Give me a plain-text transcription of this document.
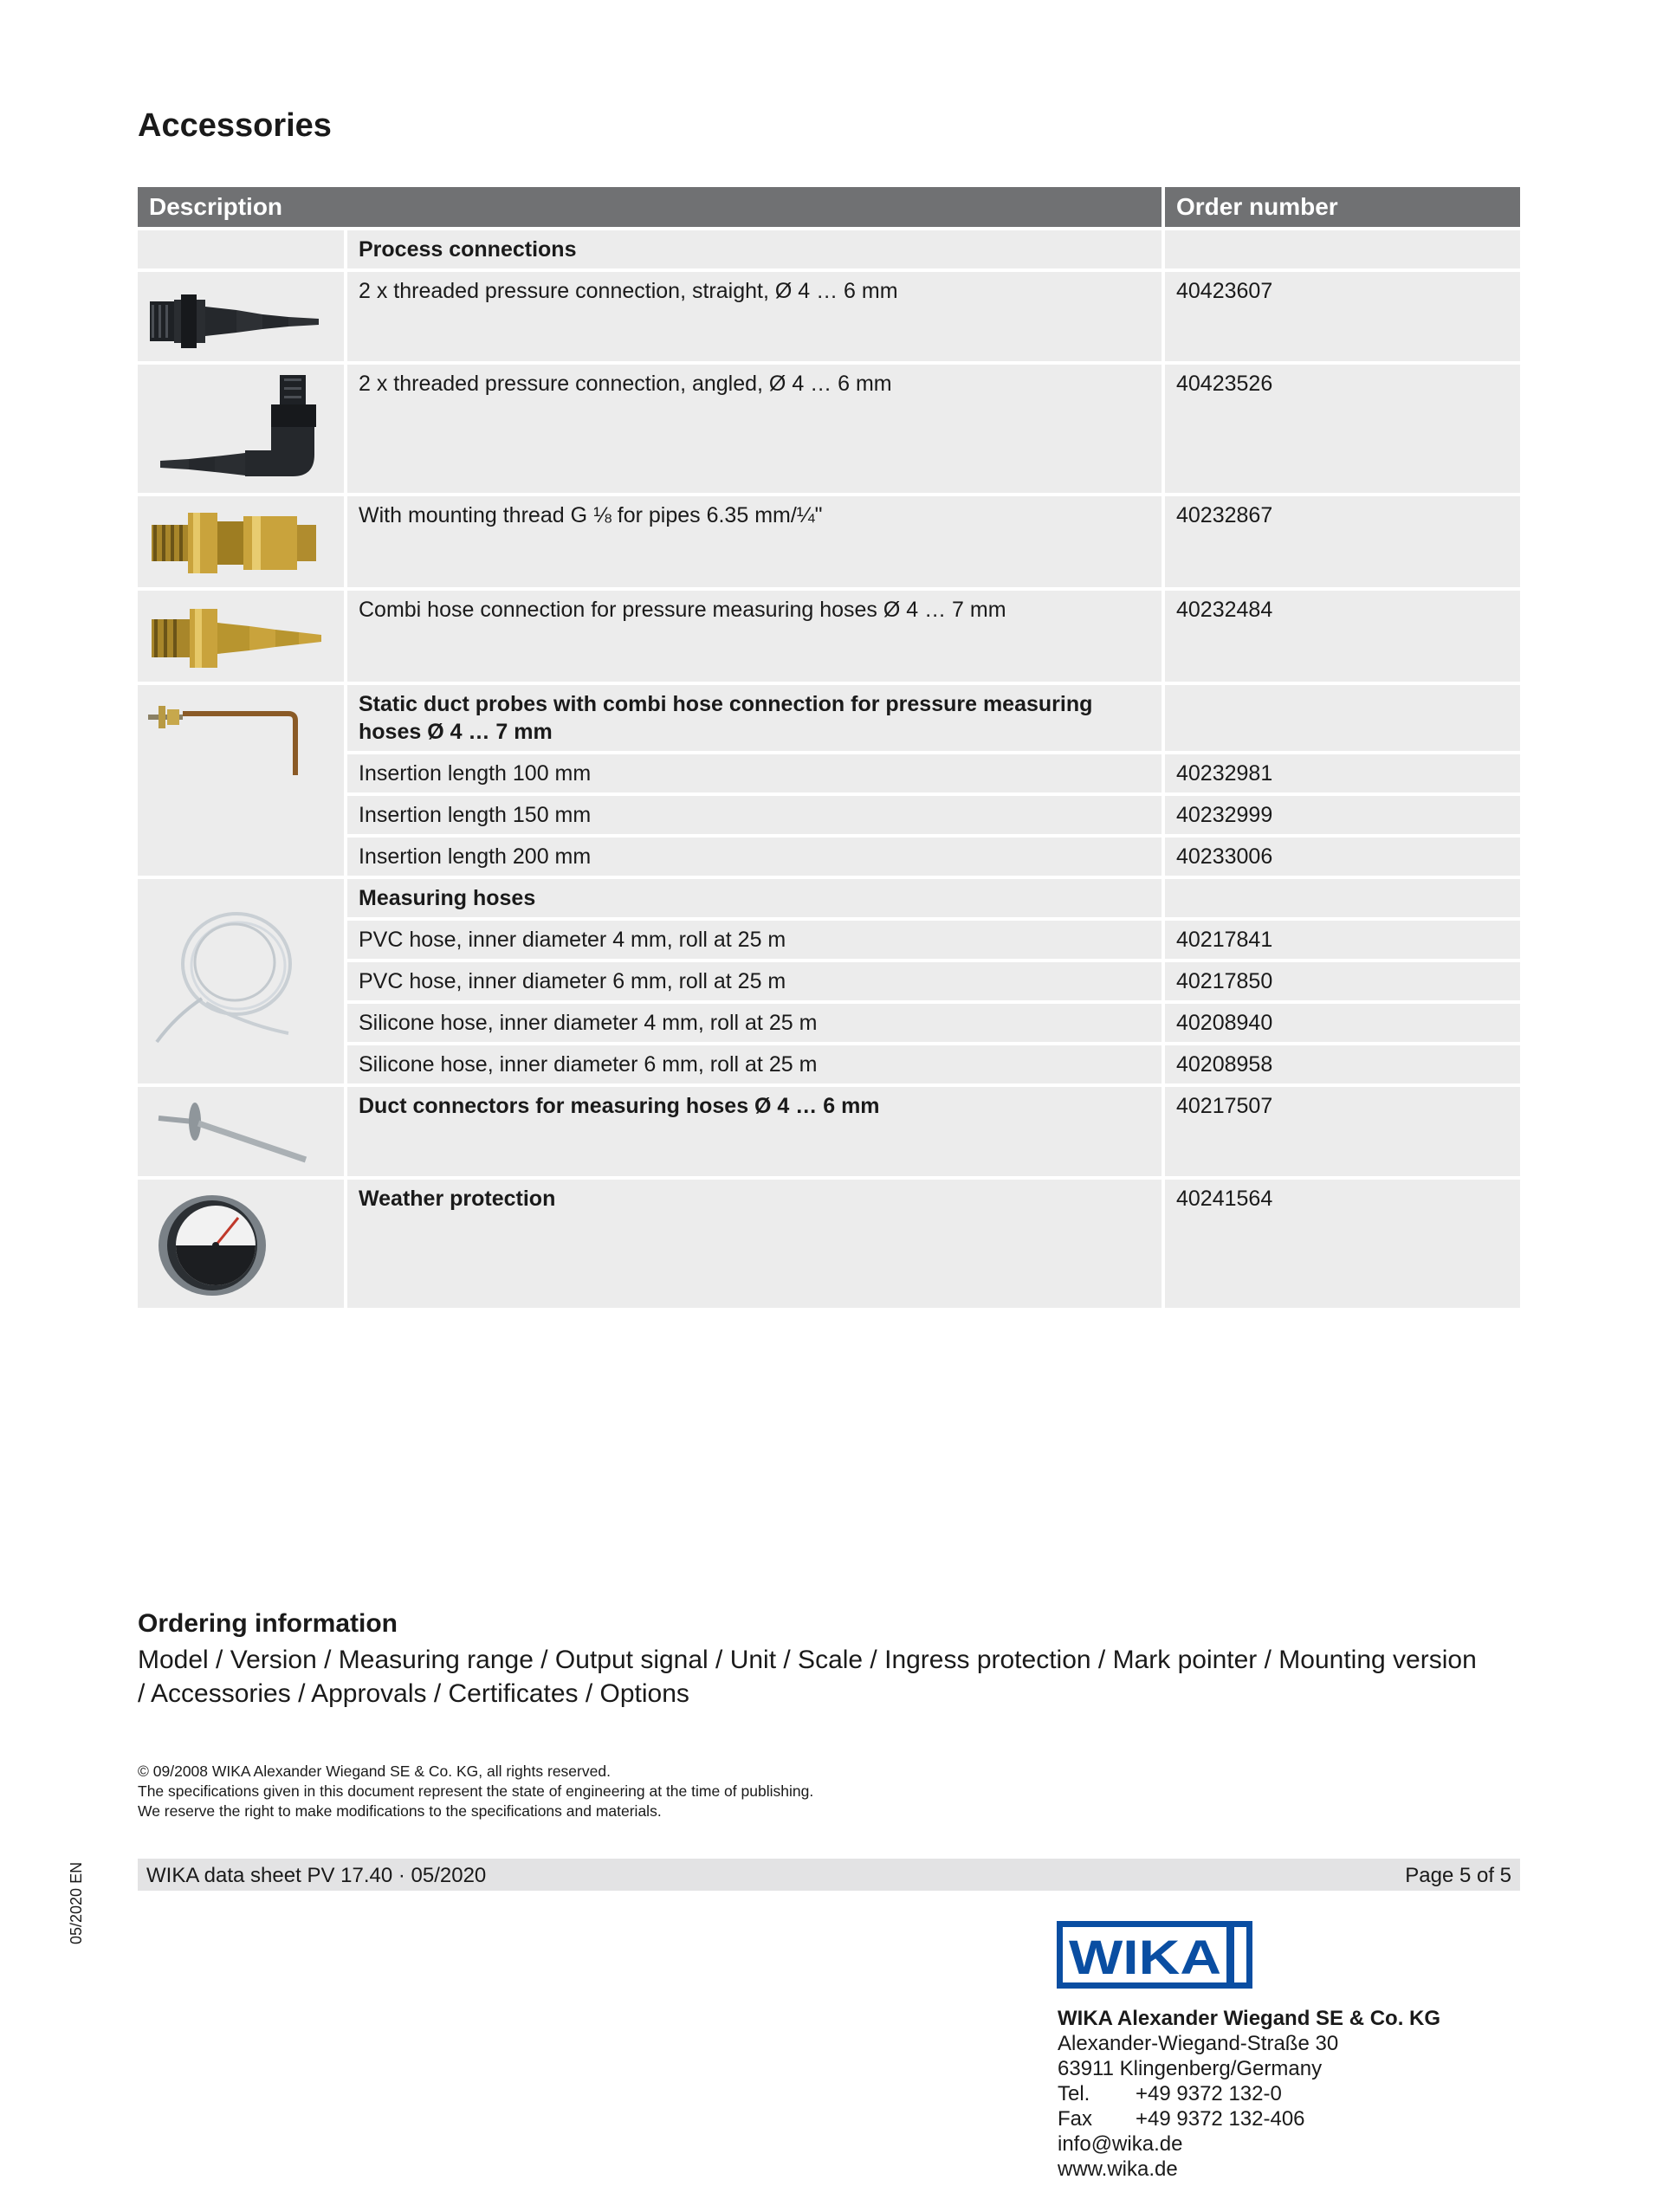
Accessories
Description		Order number
	Process connections	

	2 x threaded pressure connection, straight, Ø 4 … 6 mm	40423607

	2 x threaded pressure connection, angled, Ø 4 … 6 mm	40423526

	With mounting thread G ⅛ for pipes 6.35 mm/¼"	40232867

	Combi hose connection for pressure measuring hoses Ø 4 … 7 mm	40232484

	Static duct probes with combi hose connection for pressure measuring hoses Ø 4 … 7 mm	
	Insertion length 100 mm	40232981
	Insertion length 150 mm	40232999
	Insertion length 200 mm	40233006

	Measuring hoses	
	PVC hose, inner diameter 4 mm, roll at 25 m	40217841
	PVC hose, inner diameter 6 mm, roll at 25 m	40217850
	Silicone hose, inner diameter 4 mm, roll at 25 m	40208940
	Silicone hose, inner diameter 6 mm, roll at 25 m	40208958

	Duct connectors for measuring hoses Ø 4 … 6 mm	40217507

	Weather protection	40241564
Ordering information

Model / Version / Measuring range / Output signal / Unit / Scale / Ingress protection / Mark pointer / Mounting version / Accessories / Approvals / Certificates / Options

© 09/2008 WIKA Alexander Wiegand SE & Co. KG, all rights reserved.
The specifications given in this document represent the state of engineering at the time of publishing.
We reserve the right to make modifications to the specifications and materials.
WIKA data sheet PV 17.40 · 05/2020	Page 5 of 5
05/2020 EN
WIKA
WIKA Alexander Wiegand SE & Co. KG
Alexander-Wiegand-Straße 30
63911 Klingenberg/Germany
Tel.	+49 9372 132-0
Fax	+49 9372 132-406
info@wika.de
www.wika.de
